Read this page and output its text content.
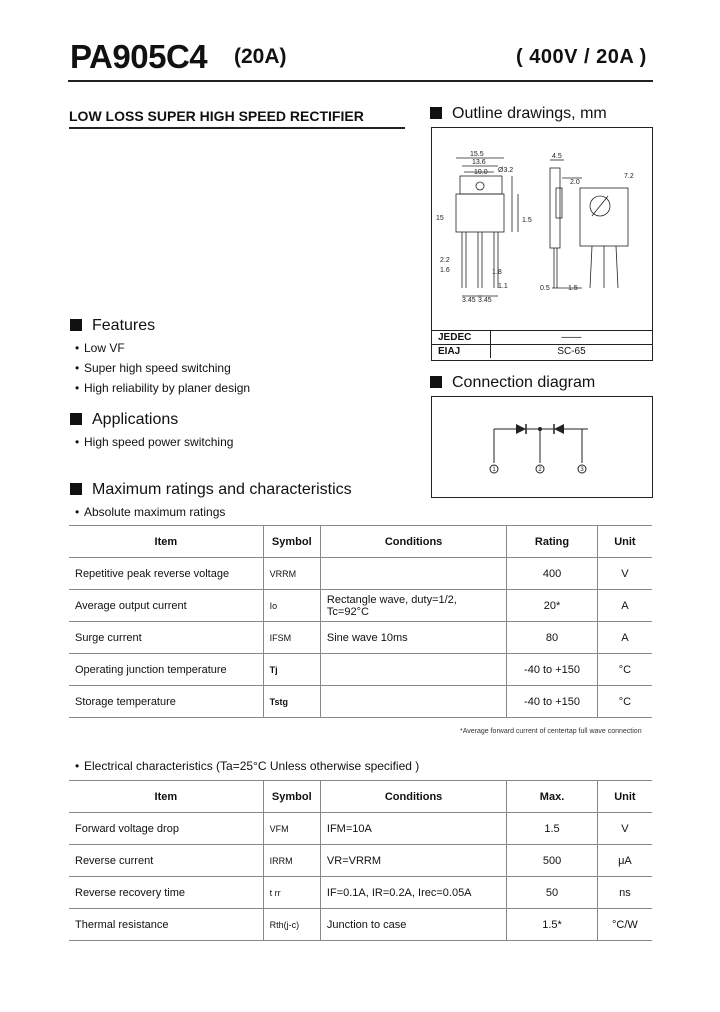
PA905C4 (20A)	( 400V / 20A )
LOW LOSS SUPER HIGH SPEED RECTIFIER	Outline drawings, mm
15.5
13.6
10.0 Ø3.2
4.5
2.0
7.2
15	1.5
2.2
1.6	1.8
1.1
3.45 3.45
0.5	1.5
JEDEC	——
EIAJ	SC-65
Connection diagram
1	2	3
Features
• Low VF
• Super high speed switching
• High reliability by planer design
Applications
• High speed power switching
Maximum ratings and characteristics
• Absolute maximum ratings
Item	Symbol	Conditions	Rating	Unit
Repetitive peak reverse voltage	VRRM		400	V
Average output current	Io	Rectangle wave, duty=1/2, Tc=92°C	20*	A
Surge current	IFSM	Sine wave 10ms	80	A
Operating junction temperature	Tj		-40 to +150	°C
Storage temperature	Tstg		-40 to +150	°C
*Average forward current of centertap full wave connection
• Electrical characteristics (Ta=25°C Unless otherwise specified )
Item	Symbol	Conditions	Max.	Unit
Forward voltage drop	VFM	IFM=10A	1.5	V
Reverse current	IRRM	VR=VRRM	500	μA
Reverse recovery time	t rr	IF=0.1A, IR=0.2A, Irec=0.05A	50	ns
Thermal resistance	Rth(j-c)	Junction to case	1.5*	°C/W
